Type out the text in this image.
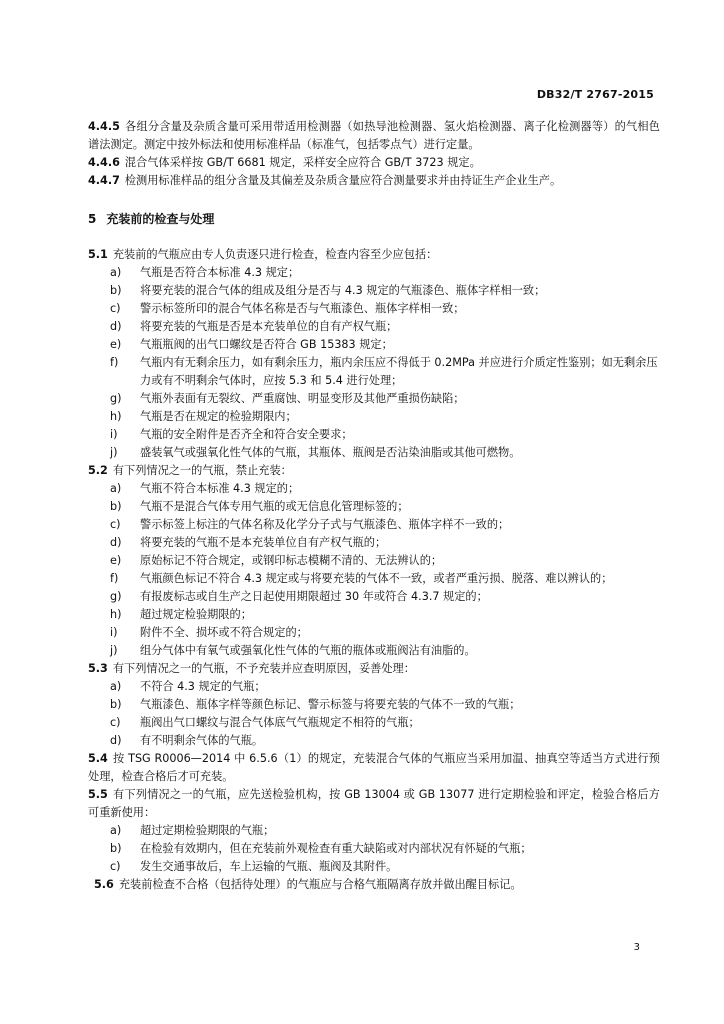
DB32/T 2767-2015

4.4.5 各组分含量及杂质含量可采用带适用检测器（如热导池检测器、氢火焰检测器、离子化检测器等）的气相色谱法测定。测定中按外标法和使用标准样品（标准气，包括零点气）进行定量。

4.4.6 混合气体采样按 GB/T 6681 规定，采样安全应符合 GB/T 3723 规定。

4.4.7 检测用标准样品的组分含量及其偏差及杂质含量应符合测量要求并由持证生产企业生产。

5 充装前的检查与处理

5.1 充装前的气瓶应由专人负责逐只进行检查，检查内容至少应包括：

a)	气瓶是否符合本标准 4.3 规定；

b)	将要充装的混合气体的组成及组分是否与 4.3 规定的气瓶漆色、瓶体字样相一致；

c)	警示标签所印的混合气体名称是否与气瓶漆色、瓶体字样相一致；

d)	将要充装的气瓶是否是本充装单位的自有产权气瓶；

e)	气瓶瓶阀的出气口螺纹是否符合 GB 15383 规定；

f)	气瓶内有无剩余压力，如有剩余压力，瓶内余压应不得低于 0.2MPa 并应进行介质定性鉴别；如无剩余压力或有不明剩余气体时，应按 5.3 和 5.4 进行处理；

g)	气瓶外表面有无裂纹、严重腐蚀、明显变形及其他严重损伤缺陷；

h)	气瓶是否在规定的检验期限内；

i)	气瓶的安全附件是否齐全和符合安全要求；

j)	盛装氧气或强氧化性气体的气瓶，其瓶体、瓶阀是否沾染油脂或其他可燃物。

5.2 有下列情况之一的气瓶，禁止充装：

a)	气瓶不符合本标准 4.3 规定的；

b)	气瓶不是混合气体专用气瓶的或无信息化管理标签的；

c)	警示标签上标注的气体名称及化学分子式与气瓶漆色、瓶体字样不一致的；

d)	将要充装的气瓶不是本充装单位自有产权气瓶的；

e)	原始标记不符合规定，或钢印标志模糊不清的、无法辨认的；

f)	气瓶颜色标记不符合 4.3 规定或与将要充装的气体不一致，或者严重污损、脱落、难以辨认的；

g)	有报废标志或自生产之日起使用期限超过 30 年或符合 4.3.7 规定的；

h)	超过规定检验期限的；

i)	附件不全、损坏或不符合规定的；

j)	组分气体中有氧气或强氧化性气体的气瓶的瓶体或瓶阀沾有油脂的。

5.3 有下列情况之一的气瓶，不予充装并应查明原因，妥善处理：

a)	不符合 4.3 规定的气瓶；

b)	气瓶漆色、瓶体字样等颜色标记、警示标签与将要充装的气体不一致的气瓶；

c)	瓶阀出气口螺纹与混合气体底气气瓶规定不相符的气瓶；

d)	有不明剩余气体的气瓶。

5.4 按 TSG R0006—2014 中 6.5.6（1）的规定，充装混合气体的气瓶应当采用加温、抽真空等适当方式进行预处理，检查合格后才可充装。

5.5 有下列情况之一的气瓶，应先送检验机构，按 GB 13004 或 GB 13077 进行定期检验和评定，检验合格后方可重新使用：

a)	超过定期检验期限的气瓶；

b)	在检验有效期内，但在充装前外观检查有重大缺陷或对内部状况有怀疑的气瓶；

c)	发生交通事故后，车上运输的气瓶、瓶阀及其附件。

5.6 充装前检查不合格（包括待处理）的气瓶应与合格气瓶隔离存放并做出醒目标记。

3
